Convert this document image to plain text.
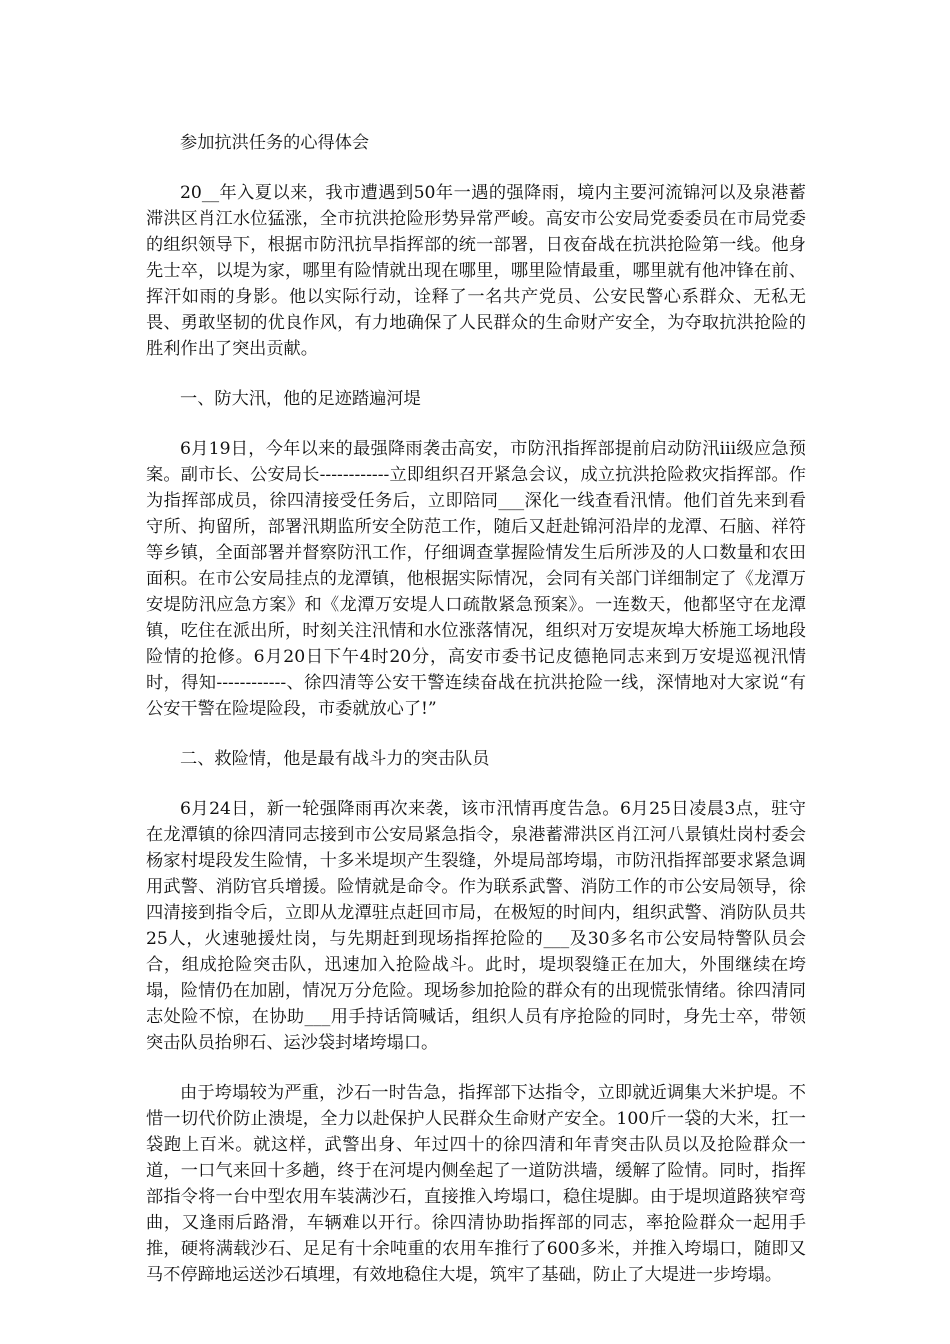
参加抗洪任务的心得体会

20__年入夏以来，我市遭遇到50年一遇的强降雨，境内主要河流锦河以及泉港蓄滞洪区肖江水位猛涨，全市抗洪抢险形势异常严峻。高安市公安局党委委员在市局党委的组织领导下，根据市防汛抗旱指挥部的统一部署，日夜奋战在抗洪抢险第一线。他身先士卒，以堤为家，哪里有险情就出现在哪里，哪里险情最重，哪里就有他冲锋在前、挥汗如雨的身影。他以实际行动，诠释了一名共产党员、公安民警心系群众、无私无畏、勇敢坚韧的优良作风，有力地确保了人民群众的生命财产安全，为夺取抗洪抢险的胜利作出了突出贡献。

一、防大汛，他的足迹踏遍河堤

6月19日，今年以来的最强降雨袭击高安，市防汛指挥部提前启动防汛iii级应急预案。副市长、公安局长------------立即组织召开紧急会议，成立抗洪抢险救灾指挥部。作为指挥部成员，徐四清接受任务后，立即陪同___深化一线查看汛情。他们首先来到看守所、拘留所，部署汛期监所安全防范工作，随后又赶赴锦河沿岸的龙潭、石脑、祥符等乡镇，全面部署并督察防汛工作，仔细调查掌握险情发生后所涉及的人口数量和农田面积。在市公安局挂点的龙潭镇，他根据实际情况，会同有关部门详细制定了《龙潭万安堤防汛应急方案》和《龙潭万安堤人口疏散紧急预案》。一连数天，他都坚守在龙潭镇，吃住在派出所，时刻关注汛情和水位涨落情况，组织对万安堤灰埠大桥施工场地段险情的抢修。6月20日下午4时20分，高安市委书记皮德艳同志来到万安堤巡视汛情时，得知------------、徐四清等公安干警连续奋战在抗洪抢险一线，深情地对大家说“有公安干警在险堤险段，市委就放心了!”

二、救险情，他是最有战斗力的突击队员

6月24日，新一轮强降雨再次来袭，该市汛情再度告急。6月25日凌晨3点，驻守在龙潭镇的徐四清同志接到市公安局紧急指令，泉港蓄滞洪区肖江河八景镇灶岗村委会杨家村堤段发生险情，十多米堤坝产生裂缝，外堤局部垮塌，市防汛指挥部要求紧急调用武警、消防官兵增援。险情就是命令。作为联系武警、消防工作的市公安局领导，徐四清接到指令后，立即从龙潭驻点赶回市局，在极短的时间内，组织武警、消防队员共25人，火速驰援灶岗，与先期赶到现场指挥抢险的___及30多名市公安局特警队员会合，组成抢险突击队，迅速加入抢险战斗。此时，堤坝裂缝正在加大，外围继续在垮塌，险情仍在加剧，情况万分危险。现场参加抢险的群众有的出现慌张情绪。徐四清同志处险不惊，在协助___用手持话筒喊话，组织人员有序抢险的同时，身先士卒，带领突击队员抬卵石、运沙袋封堵垮塌口。

由于垮塌较为严重，沙石一时告急，指挥部下达指令，立即就近调集大米护堤。不惜一切代价防止溃堤，全力以赴保护人民群众生命财产安全。100斤一袋的大米，扛一袋跑上百米。就这样，武警出身、年过四十的徐四清和年青突击队员以及抢险群众一道，一口气来回十多趟，终于在河堤内侧垒起了一道防洪墙，缓解了险情。同时，指挥部指令将一台中型农用车装满沙石，直接推入垮塌口，稳住堤脚。由于堤坝道路狭窄弯曲，又逢雨后路滑，车辆难以开行。徐四清协助指挥部的同志，率抢险群众一起用手推，硬将满载沙石、足足有十余吨重的农用车推行了600多米，并推入垮塌口，随即又马不停蹄地运送沙石填埋，有效地稳住大堤，筑牢了基础，防止了大堤进一步垮塌。
